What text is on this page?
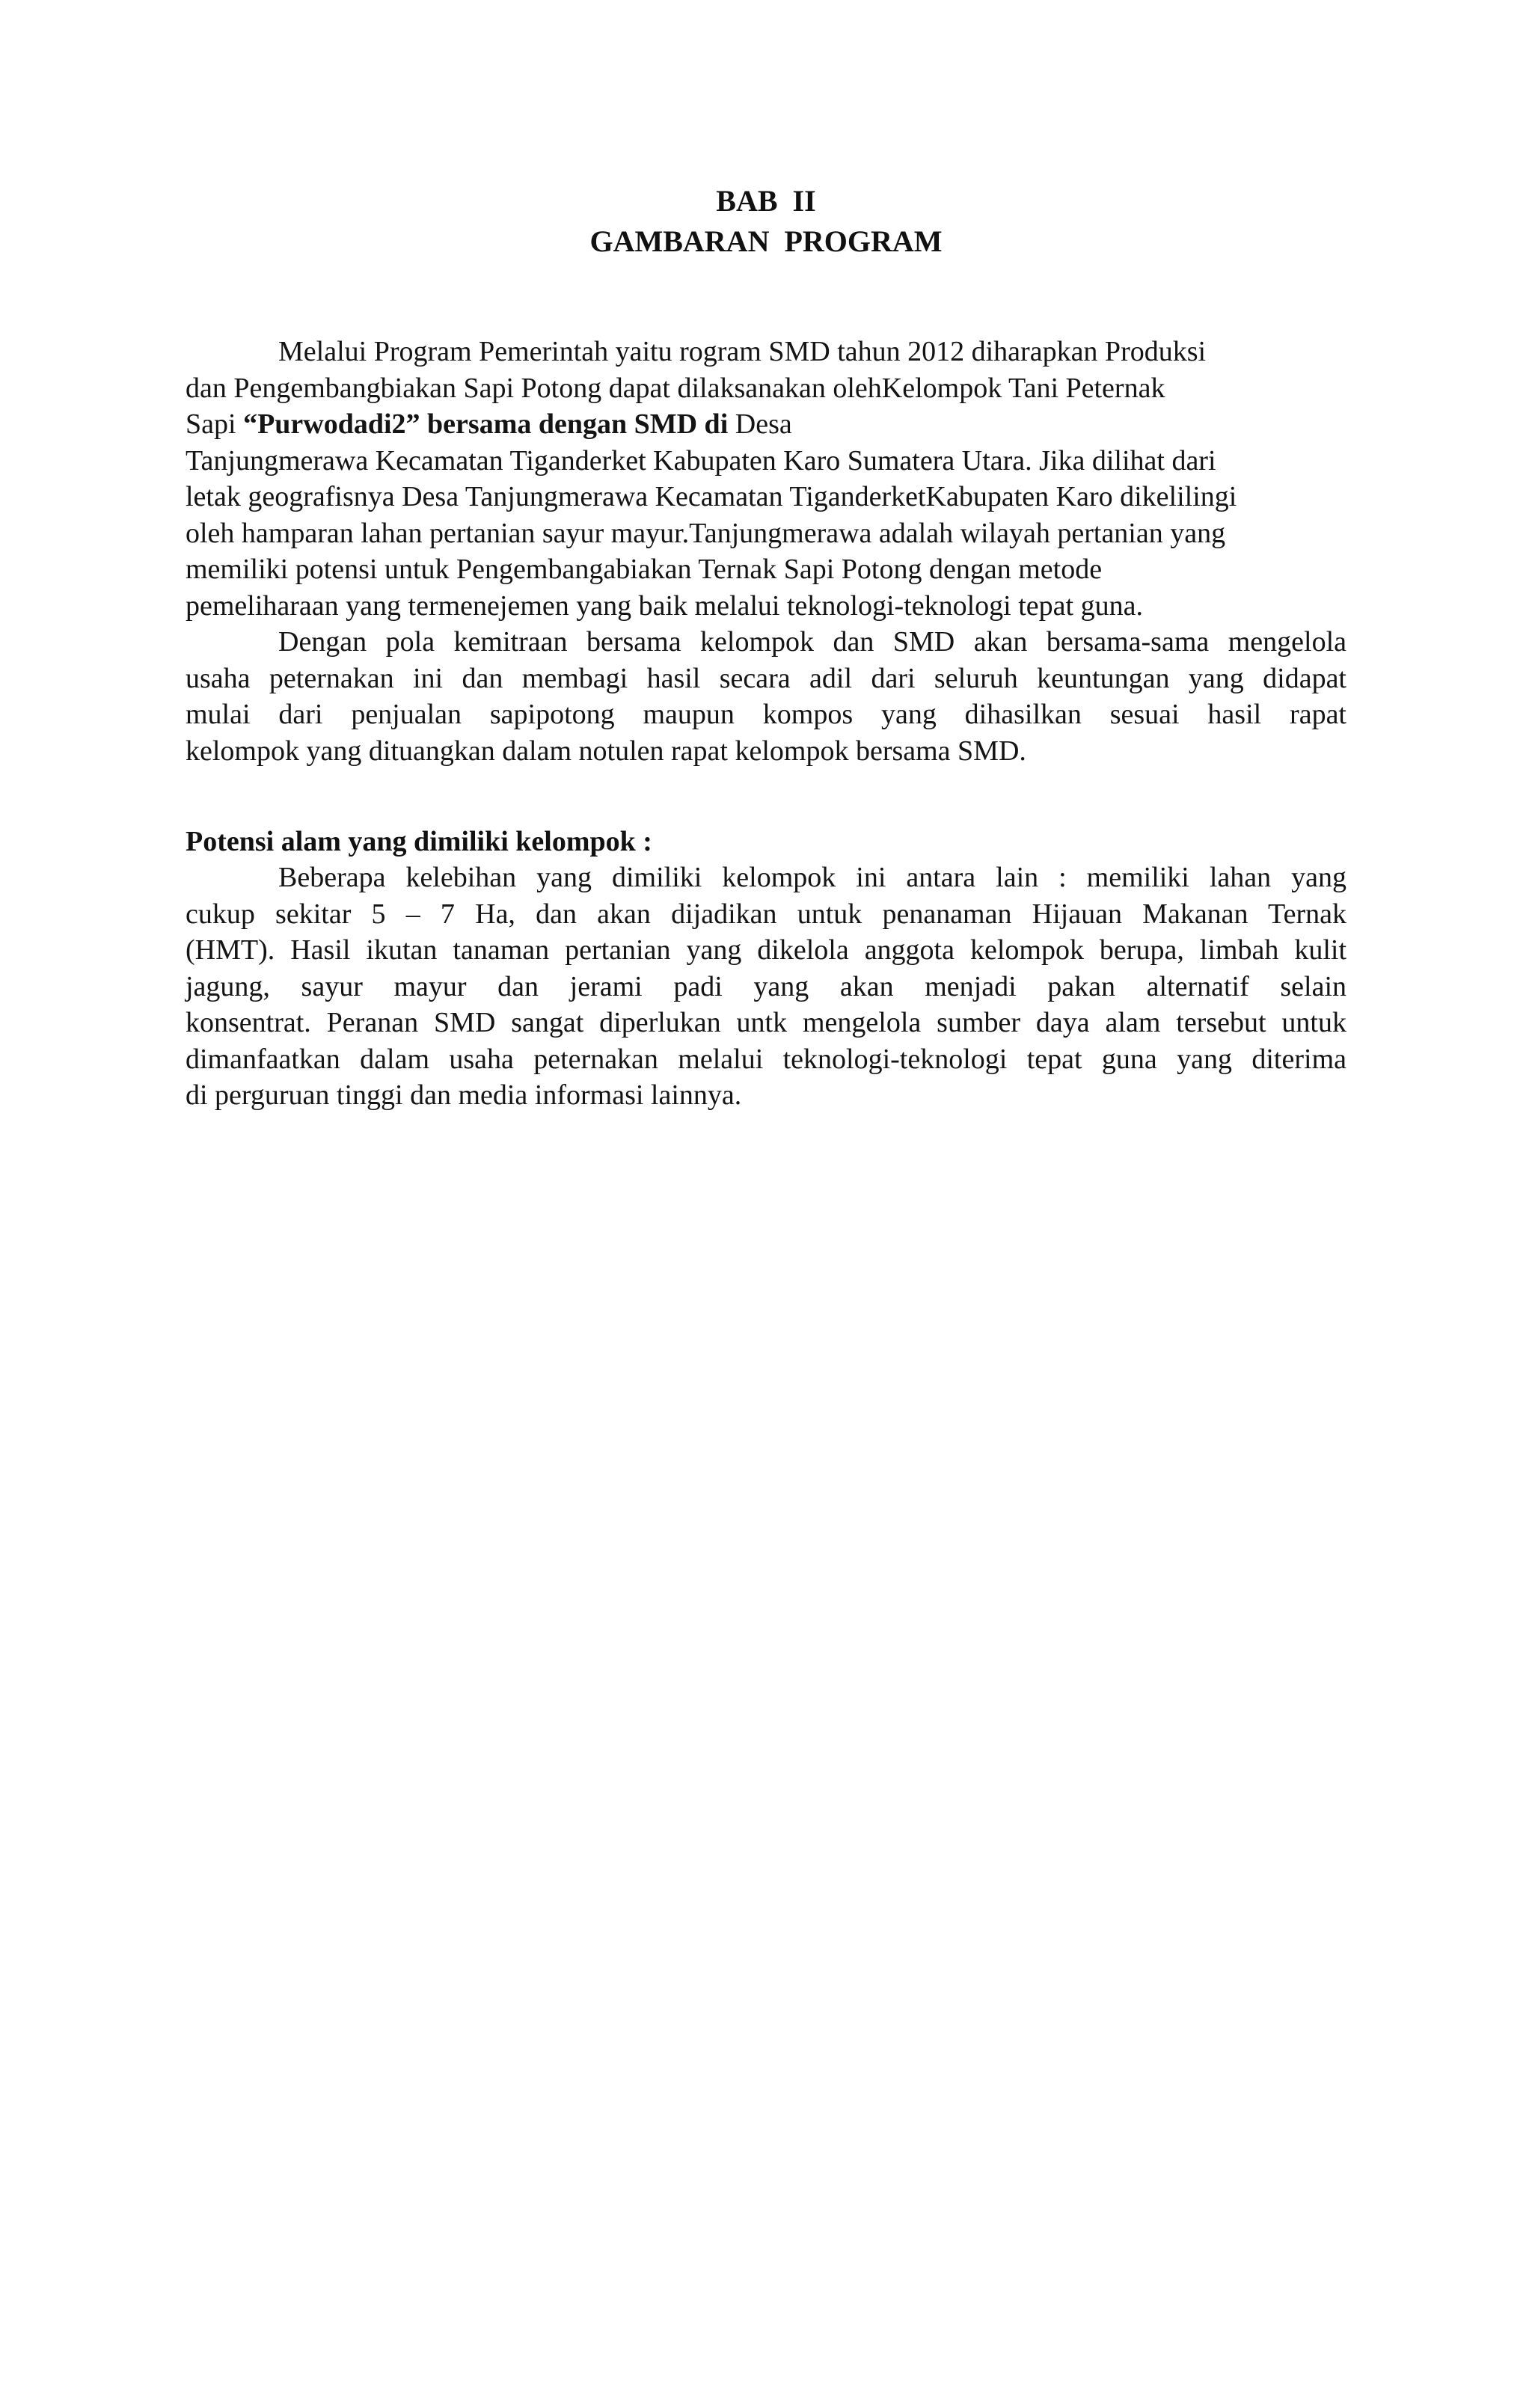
BAB  II
GAMBARAN  PROGRAM
Melalui Program Pemerintah yaitu rogram SMD tahun 2012 diharapkan Produksi
dan Pengembangbiakan Sapi Potong dapat dilaksanakan olehKelompok Tani Peternak
Sapi “Purwodadi2” bersama dengan SMD di Desa
Tanjungmerawa Kecamatan Tiganderket Kabupaten Karo Sumatera Utara. Jika dilihat dari
letak geografisnya Desa Tanjungmerawa Kecamatan TiganderketKabupaten Karo dikelilingi
oleh hamparan lahan pertanian sayur mayur.Tanjungmerawa adalah wilayah pertanian yang
memiliki potensi untuk Pengembangabiakan Ternak Sapi Potong dengan metode
pemeliharaan yang termenejemen yang baik melalui teknologi-teknologi tepat guna.
Dengan pola kemitraan bersama kelompok dan SMD akan bersama-sama mengelola
usaha peternakan ini dan membagi hasil secara adil dari seluruh keuntungan yang didapat
mulai dari penjualan sapipotong maupun kompos yang dihasilkan sesuai hasil rapat
kelompok yang dituangkan dalam notulen rapat kelompok bersama SMD.
Potensi alam yang dimiliki kelompok :
Beberapa kelebihan yang dimiliki kelompok ini antara lain : memiliki lahan yang
cukup sekitar 5 – 7 Ha, dan akan dijadikan untuk penanaman Hijauan Makanan Ternak
(HMT). Hasil ikutan tanaman pertanian yang dikelola anggota kelompok berupa, limbah kulit
jagung, sayur mayur dan jerami padi yang akan menjadi pakan alternatif selain
konsentrat. Peranan SMD sangat diperlukan untk mengelola sumber daya alam tersebut untuk
dimanfaatkan dalam usaha peternakan melalui teknologi-teknologi tepat guna yang diterima
di perguruan tinggi dan media informasi lainnya.
